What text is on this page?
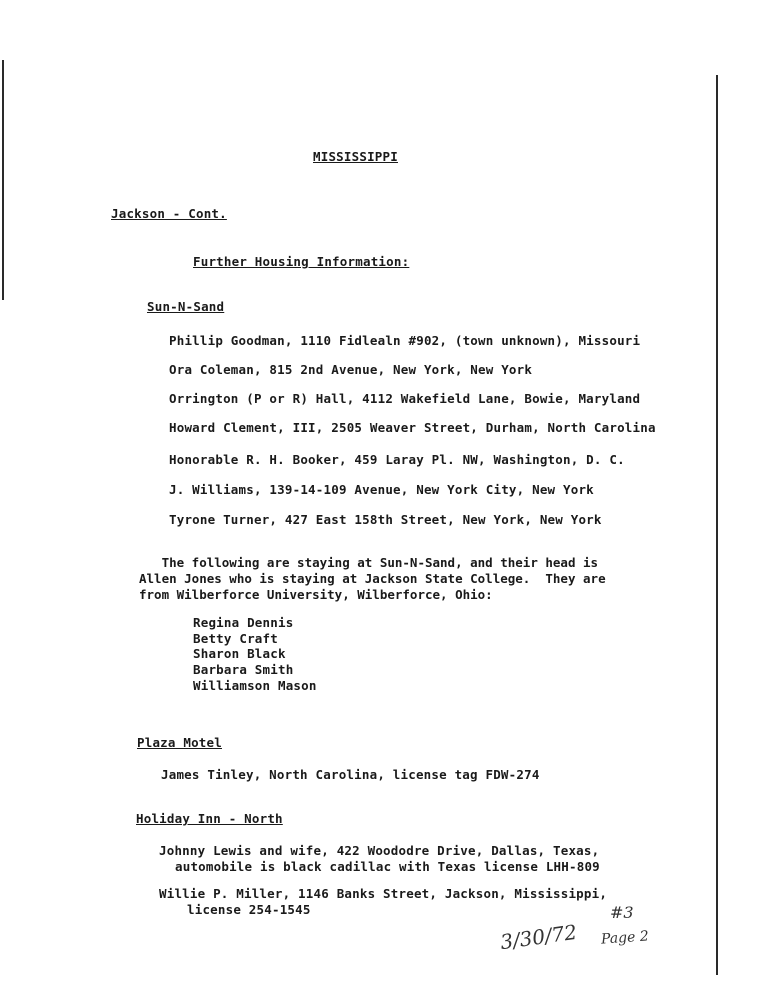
MISSISSIPPI
Jackson - Cont.
Further Housing Information:
Sun-N-Sand
Phillip Goodman, 1110 Fidlealn #902, (town unknown), Missouri
Ora Coleman, 815 2nd Avenue, New York, New York
Orrington (P or R) Hall, 4112 Wakefield Lane, Bowie, Maryland
Howard Clement, III, 2505 Weaver Street, Durham, North Carolina
Honorable R. H. Booker, 459 Laray Pl. NW, Washington, D. C.
J. Williams, 139-14-109 Avenue, New York City, New York
Tyrone Turner, 427 East 158th Street, New York, New York
The following are staying at Sun-N-Sand, and their head is
Allen Jones who is staying at Jackson State College.  They are
from Wilberforce University, Wilberforce, Ohio:
Regina Dennis
Betty Craft
Sharon Black
Barbara Smith
Williamson Mason
Plaza Motel
James Tinley, North Carolina, license tag FDW-274
Holiday Inn - North
Johnny Lewis and wife, 422 Woododre Drive, Dallas, Texas,
automobile is black cadillac with Texas license LHH-809
Willie P. Miller, 1146 Banks Street, Jackson, Mississippi,
license 254-1545	#3
3/30/72 Page 2
